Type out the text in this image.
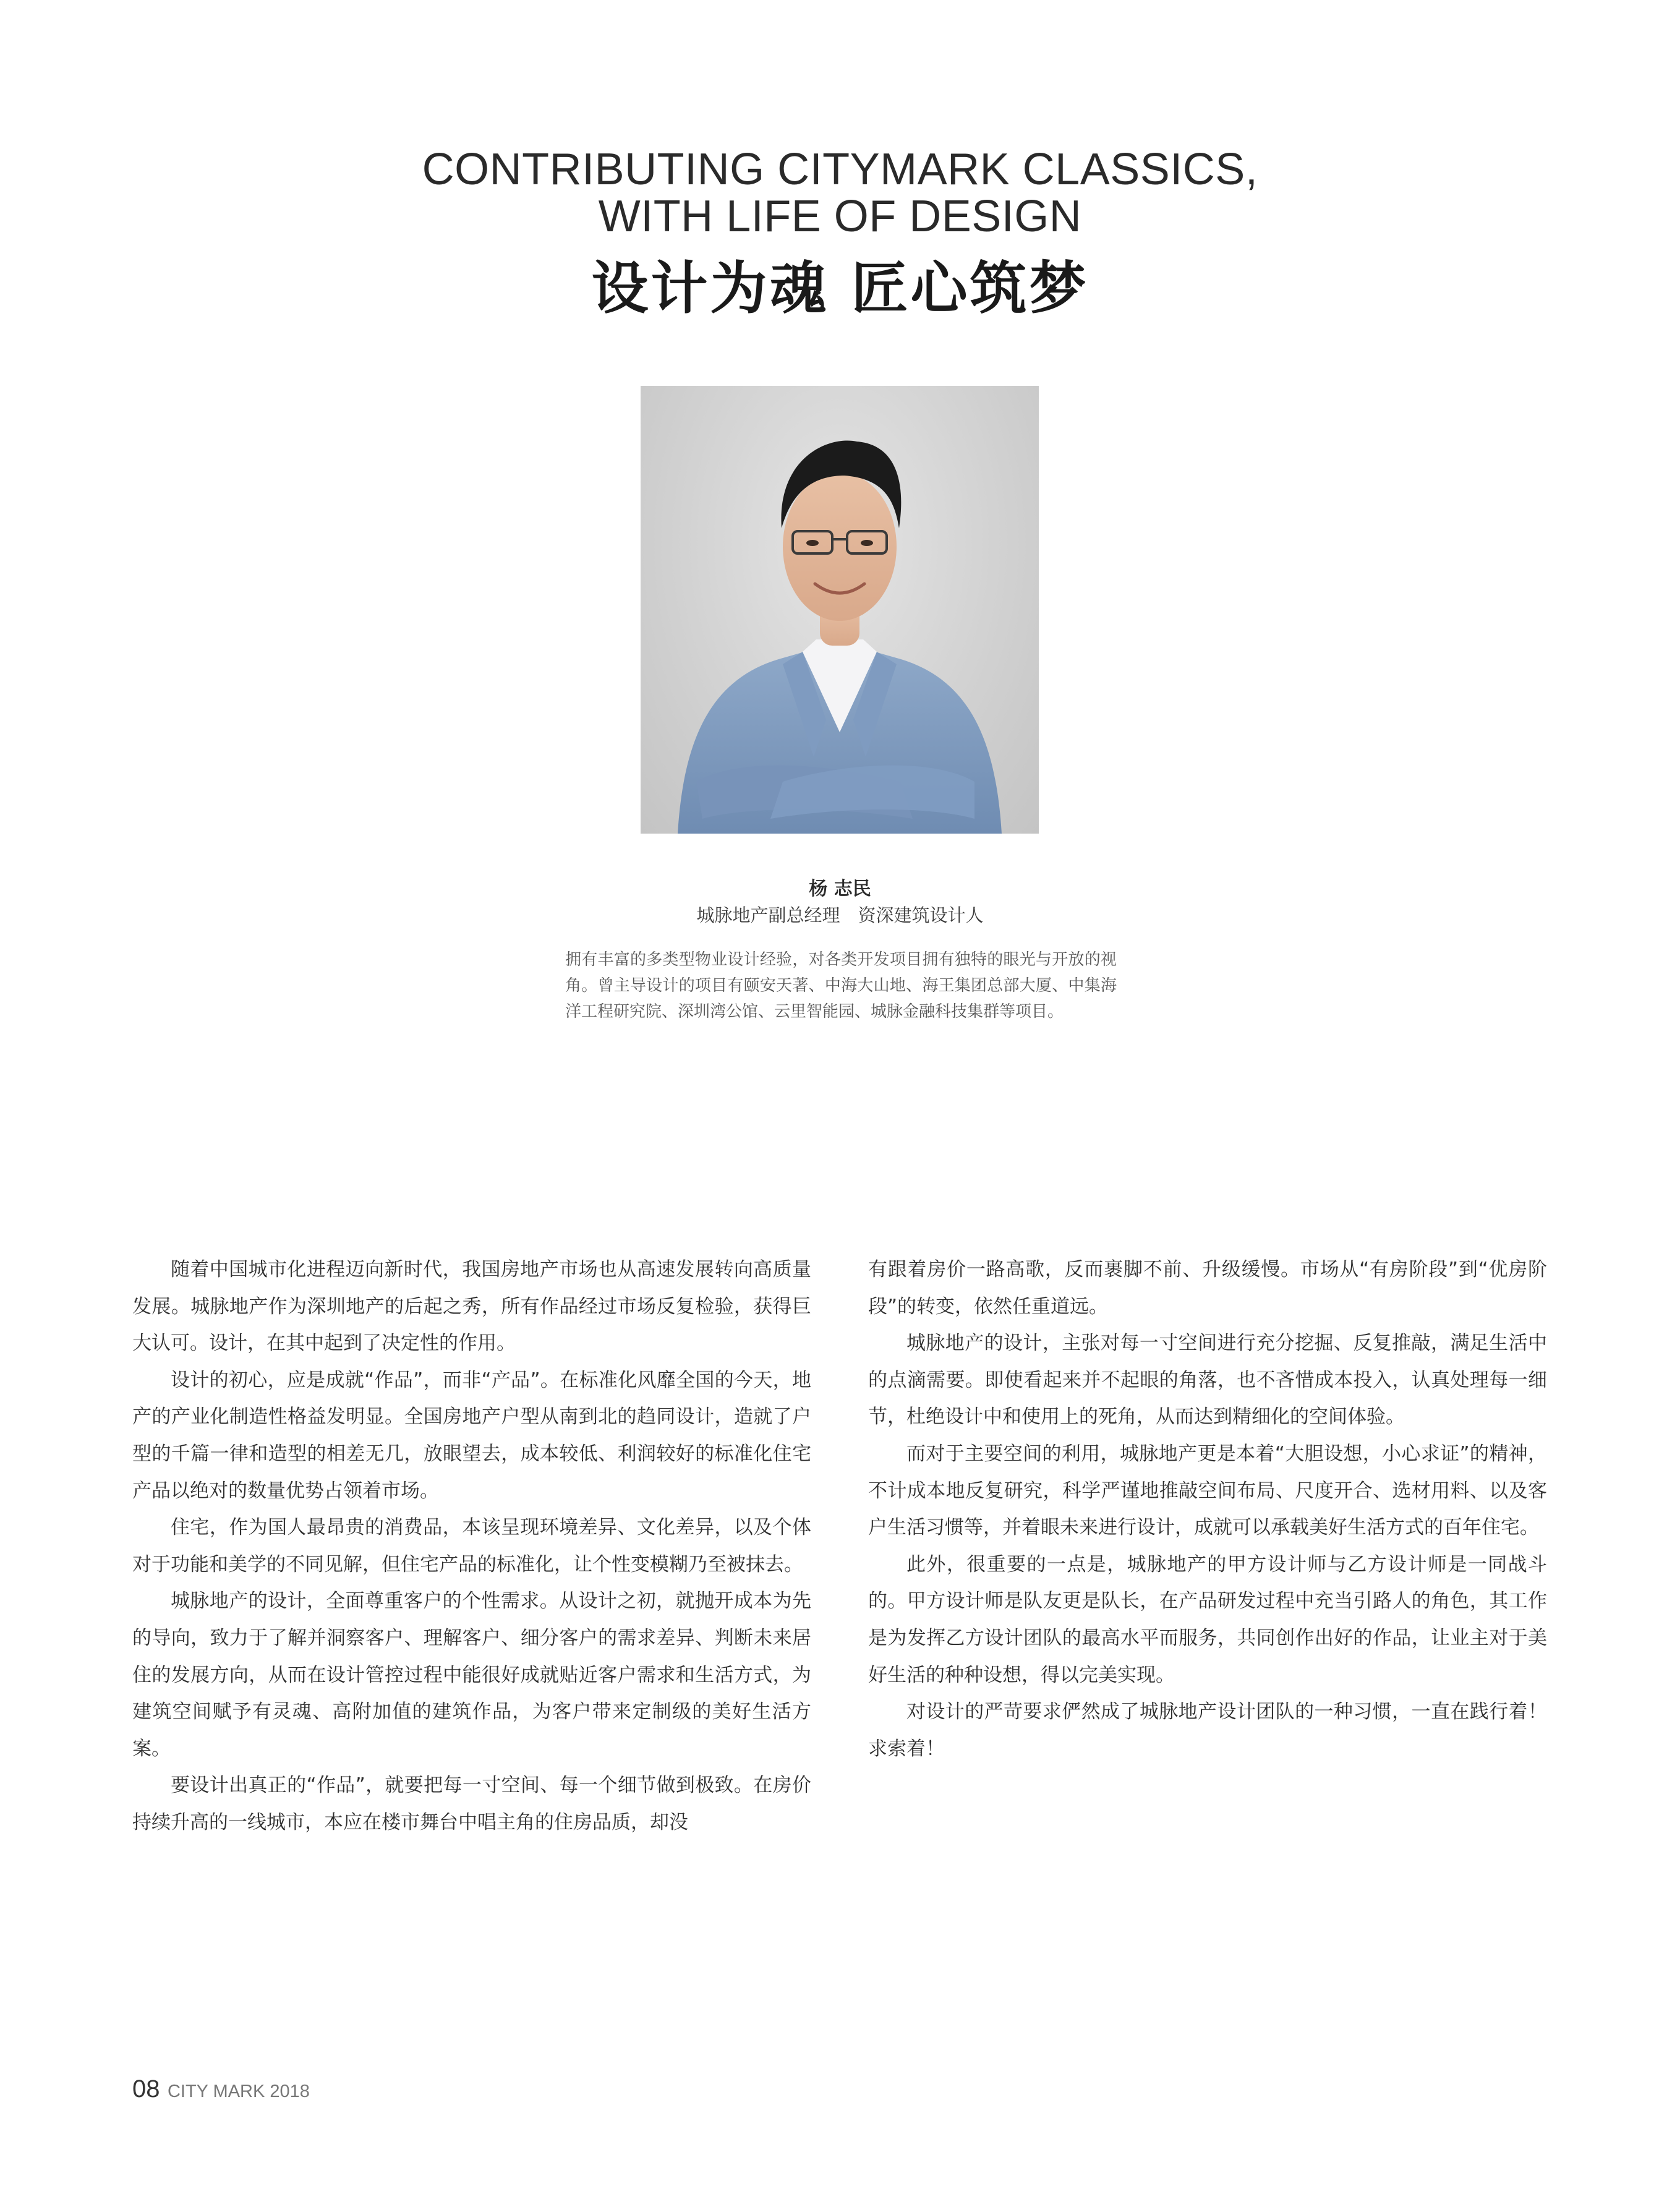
CONTRIBUTING CITYMARK CLASSICS,
WITH LIFE OF DESIGN
设计为魂 匠心筑梦
杨 志民
城脉地产副总经理　资深建筑设计人
拥有丰富的多类型物业设计经验，对各类开发项目拥有独特的眼光与开放的视角。曾主导设计的项目有颐安天著、中海大山地、海王集团总部大厦、中集海洋工程研究院、深圳湾公馆、云里智能园、城脉金融科技集群等项目。

随着中国城市化进程迈向新时代，我国房地产市场也从高速发展转向高质量发展。城脉地产作为深圳地产的后起之秀，所有作品经过市场反复检验，获得巨大认可。设计，在其中起到了决定性的作用。

设计的初心，应是成就“作品”，而非“产品”。在标准化风靡全国的今天，地产的产业化制造性格益发明显。全国房地产户型从南到北的趋同设计，造就了户型的千篇一律和造型的相差无几，放眼望去，成本较低、利润较好的标准化住宅产品以绝对的数量优势占领着市场。

住宅，作为国人最昂贵的消费品，本该呈现环境差异、文化差异，以及个体对于功能和美学的不同见解，但住宅产品的标准化，让个性变模糊乃至被抹去。

城脉地产的设计，全面尊重客户的个性需求。从设计之初，就抛开成本为先的导向，致力于了解并洞察客户、理解客户、细分客户的需求差异、判断未来居住的发展方向，从而在设计管控过程中能很好成就贴近客户需求和生活方式，为建筑空间赋予有灵魂、高附加值的建筑作品，为客户带来定制级的美好生活方案。

要设计出真正的“作品”，就要把每一寸空间、每一个细节做到极致。在房价持续升高的一线城市，本应在楼市舞台中唱主角的住房品质，却没

有跟着房价一路高歌，反而裹脚不前、升级缓慢。市场从“有房阶段”到“优房阶段”的转变，依然任重道远。

城脉地产的设计，主张对每一寸空间进行充分挖掘、反复推敲，满足生活中的点滴需要。即使看起来并不起眼的角落，也不吝惜成本投入，认真处理每一细节，杜绝设计中和使用上的死角，从而达到精细化的空间体验。

而对于主要空间的利用，城脉地产更是本着“大胆设想，小心求证”的精神，不计成本地反复研究，科学严谨地推敲空间布局、尺度开合、选材用料、以及客户生活习惯等，并着眼未来进行设计，成就可以承载美好生活方式的百年住宅。

此外，很重要的一点是，城脉地产的甲方设计师与乙方设计师是一同战斗的。甲方设计师是队友更是队长，在产品研发过程中充当引路人的角色，其工作是为发挥乙方设计团队的最高水平而服务，共同创作出好的作品，让业主对于美好生活的种种设想，得以完美实现。

对设计的严苛要求俨然成了城脉地产设计团队的一种习惯，一直在践行着！求索着！

08 CITY MARK 2018
